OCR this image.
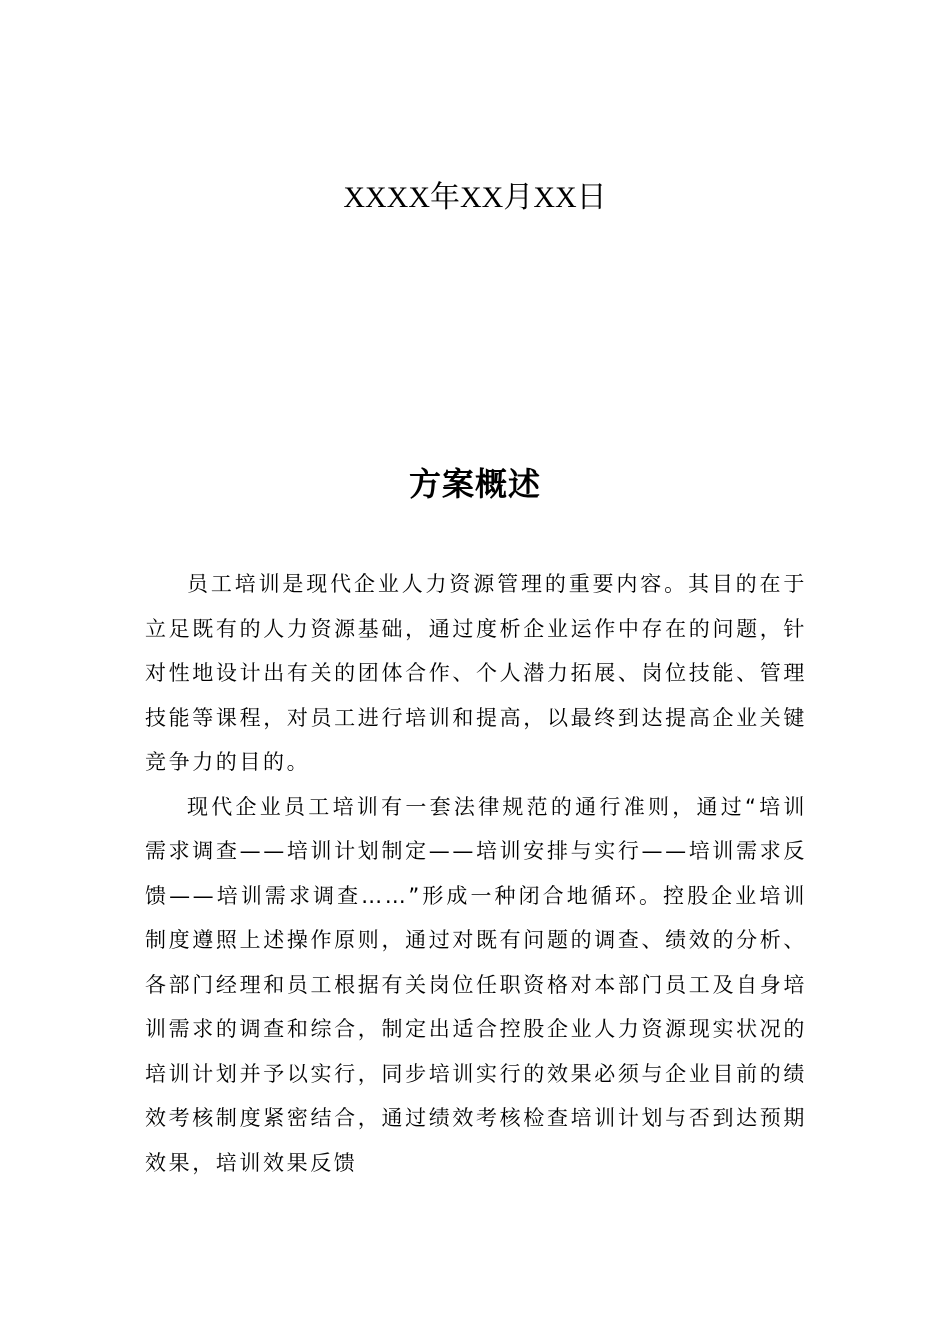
XXXX年XX月XX日
方案概述

员工培训是现代企业人力资源管理的重要内容。其目的在于立足既有的人力资源基础，通过度析企业运作中存在的问题，针对性地设计出有关的团体合作、个人潜力拓展、岗位技能、管理技能等课程，对员工进行培训和提高，以最终到达提高企业关键竞争力的目的。

现代企业员工培训有一套法律规范的通行准则，通过“培训需求调查——培训计划制定——培训安排与实行——培训需求反馈——培训需求调查……”形成一种闭合地循环。控股企业培训制度遵照上述操作原则，通过对既有问题的调查、绩效的分析、各部门经理和员工根据有关岗位任职资格对本部门员工及自身培训需求的调查和综合，制定出适合控股企业人力资源现实状况的培训计划并予以实行，同步培训实行的效果必须与企业目前的绩效考核制度紧密结合，通过绩效考核检查培训计划与否到达预期效果，培训效果反馈
